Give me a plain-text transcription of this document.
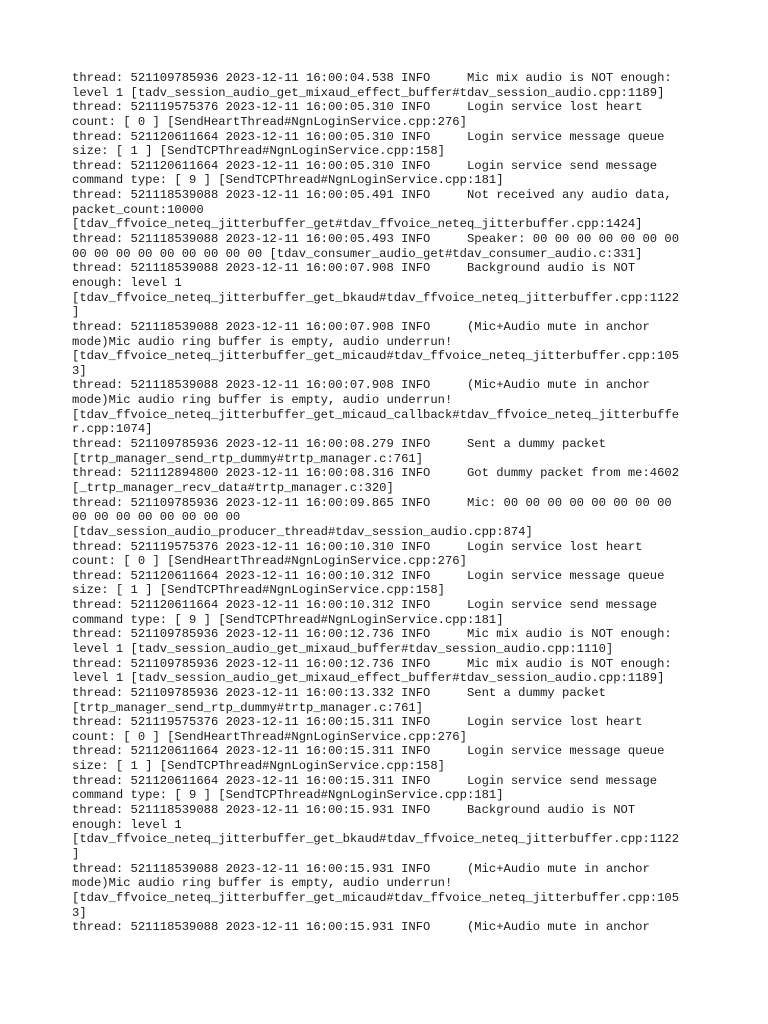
thread: 521109785936 2023-12-11 16:00:04.538 INFO     Mic mix audio is NOT enough:
level 1 [tadv_session_audio_get_mixaud_effect_buffer#tdav_session_audio.cpp:1189]
thread: 521119575376 2023-12-11 16:00:05.310 INFO     Login service lost heart
count: [ 0 ] [SendHeartThread#NgnLoginService.cpp:276]
thread: 521120611664 2023-12-11 16:00:05.310 INFO     Login service message queue
size: [ 1 ] [SendTCPThread#NgnLoginService.cpp:158]
thread: 521120611664 2023-12-11 16:00:05.310 INFO     Login service send message
command type: [ 9 ] [SendTCPThread#NgnLoginService.cpp:181]
thread: 521118539088 2023-12-11 16:00:05.491 INFO     Not received any audio data,
packet_count:10000
[tdav_ffvoice_neteq_jitterbuffer_get#tdav_ffvoice_neteq_jitterbuffer.cpp:1424]
thread: 521118539088 2023-12-11 16:00:05.493 INFO     Speaker: 00 00 00 00 00 00 00
00 00 00 00 00 00 00 00 00 [tdav_consumer_audio_get#tdav_consumer_audio.c:331]
thread: 521118539088 2023-12-11 16:00:07.908 INFO     Background audio is NOT
enough: level 1
[tdav_ffvoice_neteq_jitterbuffer_get_bkaud#tdav_ffvoice_neteq_jitterbuffer.cpp:1122
]
thread: 521118539088 2023-12-11 16:00:07.908 INFO     (Mic+Audio mute in anchor
mode)Mic audio ring buffer is empty, audio underrun!
[tdav_ffvoice_neteq_jitterbuffer_get_micaud#tdav_ffvoice_neteq_jitterbuffer.cpp:105
3]
thread: 521118539088 2023-12-11 16:00:07.908 INFO     (Mic+Audio mute in anchor
mode)Mic audio ring buffer is empty, audio underrun!
[tdav_ffvoice_neteq_jitterbuffer_get_micaud_callback#tdav_ffvoice_neteq_jitterbuffe
r.cpp:1074]
thread: 521109785936 2023-12-11 16:00:08.279 INFO     Sent a dummy packet
[trtp_manager_send_rtp_dummy#trtp_manager.c:761]
thread: 521112894800 2023-12-11 16:00:08.316 INFO     Got dummy packet from me:4602
[_trtp_manager_recv_data#trtp_manager.c:320]
thread: 521109785936 2023-12-11 16:00:09.865 INFO     Mic: 00 00 00 00 00 00 00 00
00 00 00 00 00 00 00 00
[tdav_session_audio_producer_thread#tdav_session_audio.cpp:874]
thread: 521119575376 2023-12-11 16:00:10.310 INFO     Login service lost heart
count: [ 0 ] [SendHeartThread#NgnLoginService.cpp:276]
thread: 521120611664 2023-12-11 16:00:10.312 INFO     Login service message queue
size: [ 1 ] [SendTCPThread#NgnLoginService.cpp:158]
thread: 521120611664 2023-12-11 16:00:10.312 INFO     Login service send message
command type: [ 9 ] [SendTCPThread#NgnLoginService.cpp:181]
thread: 521109785936 2023-12-11 16:00:12.736 INFO     Mic mix audio is NOT enough:
level 1 [tadv_session_audio_get_mixaud_buffer#tdav_session_audio.cpp:1110]
thread: 521109785936 2023-12-11 16:00:12.736 INFO     Mic mix audio is NOT enough:
level 1 [tadv_session_audio_get_mixaud_effect_buffer#tdav_session_audio.cpp:1189]
thread: 521109785936 2023-12-11 16:00:13.332 INFO     Sent a dummy packet
[trtp_manager_send_rtp_dummy#trtp_manager.c:761]
thread: 521119575376 2023-12-11 16:00:15.311 INFO     Login service lost heart
count: [ 0 ] [SendHeartThread#NgnLoginService.cpp:276]
thread: 521120611664 2023-12-11 16:00:15.311 INFO     Login service message queue
size: [ 1 ] [SendTCPThread#NgnLoginService.cpp:158]
thread: 521120611664 2023-12-11 16:00:15.311 INFO     Login service send message
command type: [ 9 ] [SendTCPThread#NgnLoginService.cpp:181]
thread: 521118539088 2023-12-11 16:00:15.931 INFO     Background audio is NOT
enough: level 1
[tdav_ffvoice_neteq_jitterbuffer_get_bkaud#tdav_ffvoice_neteq_jitterbuffer.cpp:1122
]
thread: 521118539088 2023-12-11 16:00:15.931 INFO     (Mic+Audio mute in anchor
mode)Mic audio ring buffer is empty, audio underrun!
[tdav_ffvoice_neteq_jitterbuffer_get_micaud#tdav_ffvoice_neteq_jitterbuffer.cpp:105
3]
thread: 521118539088 2023-12-11 16:00:15.931 INFO     (Mic+Audio mute in anchor
